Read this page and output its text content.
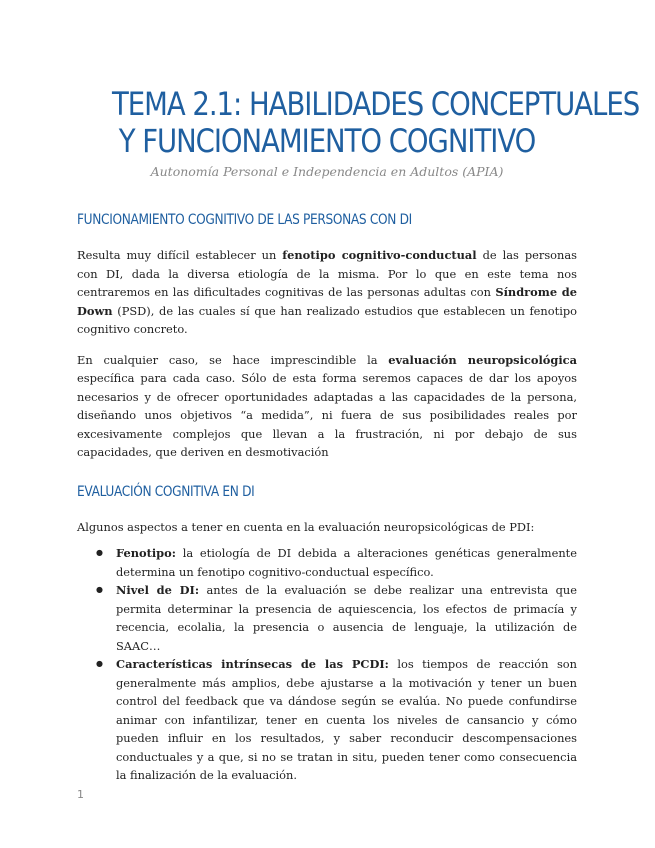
TEMA 2.1: HABILIDADES CONCEPTUALES
Y FUNCIONAMIENTO COGNITIVO
Autonomía Personal e Independencia en Adultos (APIA)
FUNCIONAMIENTO COGNITIVO DE LAS PERSONAS CON DI

Resulta muy difícil establecer un fenotipo cognitivo-conductual de las personas con DI, dada la diversa etiología de la misma. Por lo que en este tema nos centraremos en las dificultades cognitivas de las personas adultas con Síndrome de Down (PSD), de las cuales sí que han realizado estudios que establecen un fenotipo cognitivo concreto.

En cualquier caso, se hace imprescindible la evaluación neuropsicológica específica para cada caso. Sólo de esta forma seremos capaces de dar los apoyos necesarios y de ofrecer oportunidades adaptadas a las capacidades de la persona, diseñando unos objetivos “a medida”, ni fuera de sus posibilidades reales por excesivamente complejos que llevan a la frustración, ni por debajo de sus capacidades, que deriven en desmotivación

EVALUACIÓN COGNITIVA EN DI

Algunos aspectos a tener en cuenta en la evaluación neuropsicológicas de PDI:

● Fenotipo: la etiología de DI debida a alteraciones genéticas generalmente determina un fenotipo cognitivo-conductual específico.
● Nivel de DI: antes de la evaluación se debe realizar una entrevista que permita determinar la presencia de aquiescencia, los efectos de primacía y recencia, ecolalia, la presencia o ausencia de lenguaje, la utilización de SAAC…
● Características intrínsecas de las PCDI: los tiempos de reacción son generalmente más amplios, debe ajustarse a la motivación y tener un buen control del feedback que va dándose según se evalúa. No puede confundirse animar con infantilizar, tener en cuenta los niveles de cansancio y cómo pueden influir en los resultados, y saber reconducir descompensaciones conductuales y a que, si no se tratan in situ, pueden tener como consecuencia la finalización de la evaluación.
1
